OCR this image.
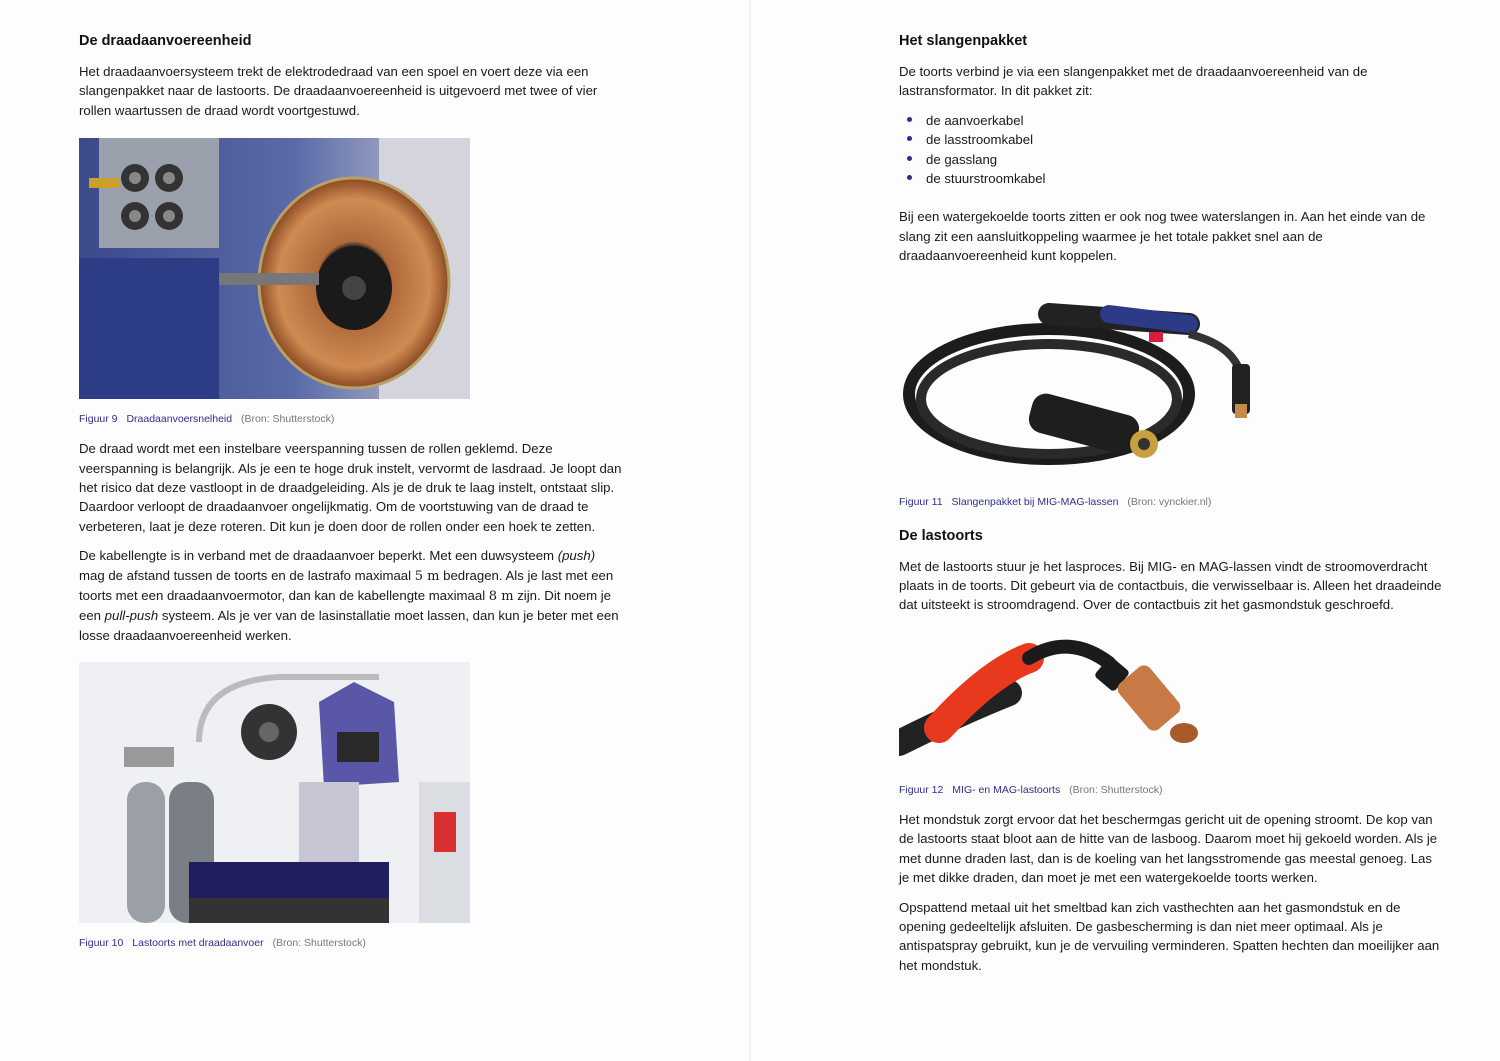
De draadaanvoereenheid

Het draadaanvoersysteem trekt de elektrodedraad van een spoel en voert deze via een slangenpakket naar de lastoorts. De draadaanvoereenheid is uitgevoerd met twee of vier rollen waartussen de draad wordt voortgestuwd.

Figuur 9 Draadaanvoersnelheid (Bron: Shutterstock)

De draad wordt met een instelbare veerspanning tussen de rollen geklemd. Deze veerspanning is belangrijk. Als je een te hoge druk instelt, vervormt de lasdraad. Je loopt dan het risico dat deze vastloopt in de draadgeleiding. Als je de druk te laag instelt, ontstaat slip. Daardoor verloopt de draadaanvoer ongelijkmatig. Om de voortstuwing van de draad te verbeteren, laat je deze roteren. Dit kun je doen door de rollen onder een hoek te zetten.

De kabellengte is in verband met de draadaanvoer beperkt. Met een duwsysteem (push) mag de afstand tussen de toorts en de lastrafo maximaal 5 m bedragen. Als je last met een toorts met een draadaanvoermotor, dan kan de kabellengte maximaal 8 m zijn. Dit noem je een pull-push systeem. Als je ver van de lasinstallatie moet lassen, dan kun je beter met een losse draadaanvoereenheid werken.

Figuur 10 Lastoorts met draadaanvoer (Bron: Shutterstock)
Het slangenpakket

De toorts verbind je via een slangenpakket met de draadaanvoereenheid van de lastransformator. In dit pakket zit:

de aanvoerkabel
de lasstroomkabel
de gasslang
de stuurstroomkabel

Bij een watergekoelde toorts zitten er ook nog twee waterslangen in. Aan het einde van de slang zit een aansluitkoppeling waarmee je het totale pakket snel aan de draadaanvoereenheid kunt koppelen.

Figuur 11 Slangenpakket bij MIG-MAG-lassen (Bron: vynckier.nl)
De lastoorts

Met de lastoorts stuur je het lasproces. Bij MIG- en MAG-lassen vindt de stroomoverdracht plaats in de toorts. Dit gebeurt via de contactbuis, die verwisselbaar is. Alleen het draadeinde dat uitsteekt is stroomdragend. Over de contactbuis zit het gasmondstuk geschroefd.

Figuur 12 MIG- en MAG-lastoorts (Bron: Shutterstock)

Het mondstuk zorgt ervoor dat het beschermgas gericht uit de opening stroomt. De kop van de lastoorts staat bloot aan de hitte van de lasboog. Daarom moet hij gekoeld worden. Als je met dunne draden last, dan is de koeling van het langsstromende gas meestal genoeg. Las je met dikke draden, dan moet je met een watergekoelde toorts werken.

Opspattend metaal uit het smeltbad kan zich vasthechten aan het gasmondstuk en de opening gedeeltelijk afsluiten. De gasbescherming is dan niet meer optimaal. Als je antispatspray gebruikt, kun je de vervuiling verminderen. Spatten hechten dan moeilijker aan het mondstuk.
